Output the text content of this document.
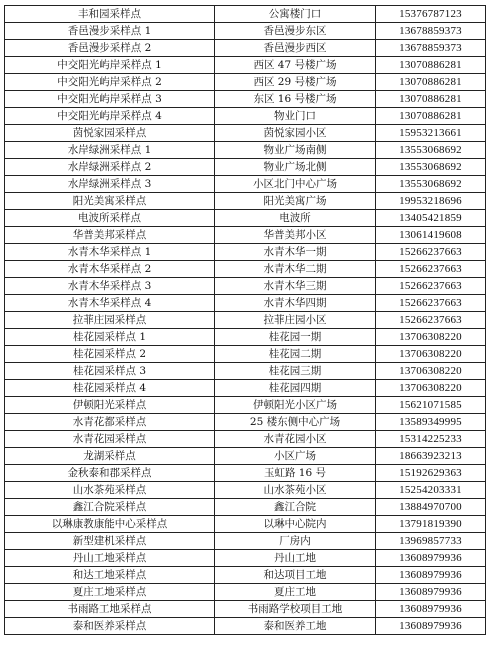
丰和园采样点	公寓楼门口	15376787123
香邑漫步采样点 1	香邑漫步东区	13678859373
香邑漫步采样点 2	香邑漫步西区	13678859373
中交阳光屿岸采样点 1	西区 47 号楼广场	13070886281
中交阳光屿岸采样点 2	西区 29 号楼广场	13070886281
中交阳光屿岸采样点 3	东区 16 号楼广场	13070886281
中交阳光屿岸采样点 4	物业门口	13070886281
茵悦家园采样点	茵悦家园小区	15953213661
水岸绿洲采样点 1	物业广场南侧	13553068692
水岸绿洲采样点 2	物业广场北侧	13553068692
水岸绿洲采样点 3	小区北门中心广场	13553068692
阳光美寓采样点	阳光美寓广场	19953218696
电波所采样点	电波所	13405421859
华普美邦采样点	华普美邦小区	13061419608
水青木华采样点 1	水青木华一期	15266237663
水青木华采样点 2	水青木华二期	15266237663
水青木华采样点 3	水青木华三期	15266237663
水青木华采样点 4	水青木华四期	15266237663
拉菲庄园采样点	拉菲庄园小区	15266237663
桂花园采样点 1	桂花园一期	13706308220
桂花园采样点 2	桂花园二期	13706308220
桂花园采样点 3	桂花园三期	13706308220
桂花园采样点 4	桂花园四期	13706308220
伊顿阳光采样点	伊顿阳光小区广场	15621071585
水青花都采样点	25 楼东侧中心广场	13589349995
水青花园采样点	水青花园小区	15314225233
龙湖采样点	小区广场	18663923213
金秋泰和郡采样点	玉虹路 16 号	15192629363
山水茶苑采样点	山水茶苑小区	15254203331
鑫江合院采样点	鑫江合院	13884970700
以琳康教康能中心采样点	以琳中心院内	13791819390
新型建机采样点	厂房内	13969857733
丹山工地采样点	丹山工地	13608979936
和达工地采样点	和达项目工地	13608979936
夏庄工地采样点	夏庄工地	13608979936
书雨路工地采样点	书雨路学校项目工地	13608979936
泰和医养采样点	泰和医养工地	13608979936
